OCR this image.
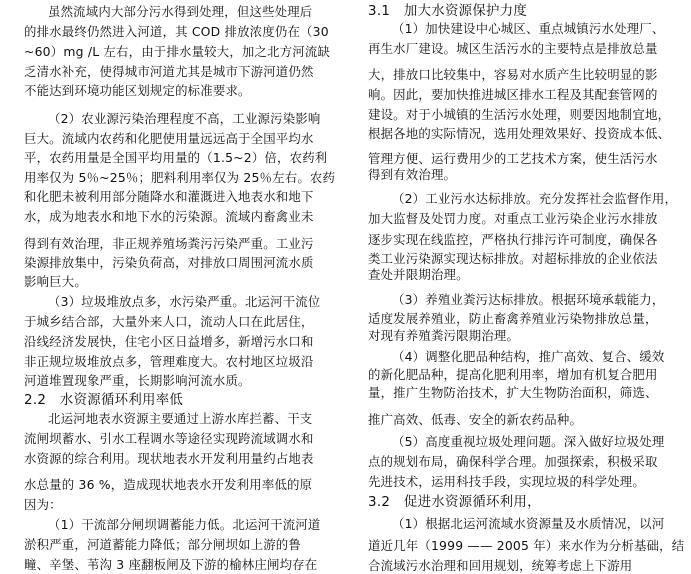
虽然流域内大部分污水得到处理，但这些处理后
的排水最终仍然进入河道，其 COD 排放浓度仍在（30
~60）mg /L 左右，由于排水量较大，加之北方河流缺
乏清水补充，使得城市河道尤其是城市下游河道仍然
不能达到环境功能区划规定的标准要求。
（2）农业源污染治理程度不高，工业源污染影响
巨大。流域内农药和化肥使用量远远高于全国平均水
平，农药用量是全国平均用量的（1.5~2）倍，农药利
用率仅为 5％~25％；肥料利用率仅为 25％左右。农药
和化肥未被利用部分随降水和灌溉进入地表水和地下
水，成为地表水和地下水的污染源。流域内畜禽业未
得到有效治理，非正规养殖场粪污污染严重。工业污
染源排放集中，污染负荷高，对排放口周围河流水质
影响巨大。
（3）垃圾堆放点多，水污染严重。北运河干流位
于城乡结合部，大量外来人口，流动人口在此居住，
沿线经济发展快，住宅小区日益增多，新增污水口和
非正规垃圾堆放点多，管理难度大。农村地区垃圾沿
河道堆置现象严重，长期影响河流水质。
2.2　水资源循环利用率低
北运河地表水资源主要通过上游水库拦蓄、干支
流闸坝蓄水、引水工程调水等途径实现跨流域调水和
水资源的综合利用。现状地表水开发利用量约占地表
水总量的 36 %，造成现状地表水开发利用率低的原
因为：
（1）干流部分闸坝调蓄能力低。北运河干流河道
淤积严重，河道蓄能力降低；部分闸坝如上游的鲁
疃、辛堡、苇沟 3 座翻板闸及下游的榆林庄闸均存在
3.1　加大水资源保护力度
（1）加快建设中心城区、重点城镇污水处理厂、
再生水厂建设。城区生活污水的主要特点是排放总量
大，排放口比较集中，容易对水质产生比较明显的影
响。因此，要加快推进城区排水工程及其配套管网的
建设。对于小城镇的生活污水处理，则要因地制宜地，
根据各地的实际情况，选用处理效果好、投资成本低、
管理方便、运行费用少的工艺技术方案，使生活污水
得到有效治理。
（2）工业污水达标排放。充分发挥社会监督作用，
加大监督及处罚力度。对重点工业污染企业污水排放
逐步实现在线监控，严格执行排污许可制度，确保各
类工业污染源实现达标排放。对超标排放的企业依法
查处并限期治理。
（3）养殖业粪污达标排放。根据环境承载能力，
适度发展养殖业，防止畜禽养殖业污染物排放总量，
对现有养殖粪污限期治理。
（4）调整化肥品种结构，推广高效、复合、缓效
的新化肥品种，提高化肥利用率，增加有机复合肥用
量，推广生物防治技术，扩大生物防治面积，筛选、
推广高效、低毒、安全的新农药品种。
（5）高度重视垃圾处理问题。深入做好垃圾处理
点的规划布局，确保科学合理。加强探索，积极采取
先进技术，运用科技手段，实现垃圾的科学处理。
3.2　促进水资源循环利用，
（1）根据北运河流域水资源量及水质情况，以河
道近几年（1999 —— 2005 年）来水作为分析基础，结
合流域污水治理和回用规划，统筹考虑上下游用
